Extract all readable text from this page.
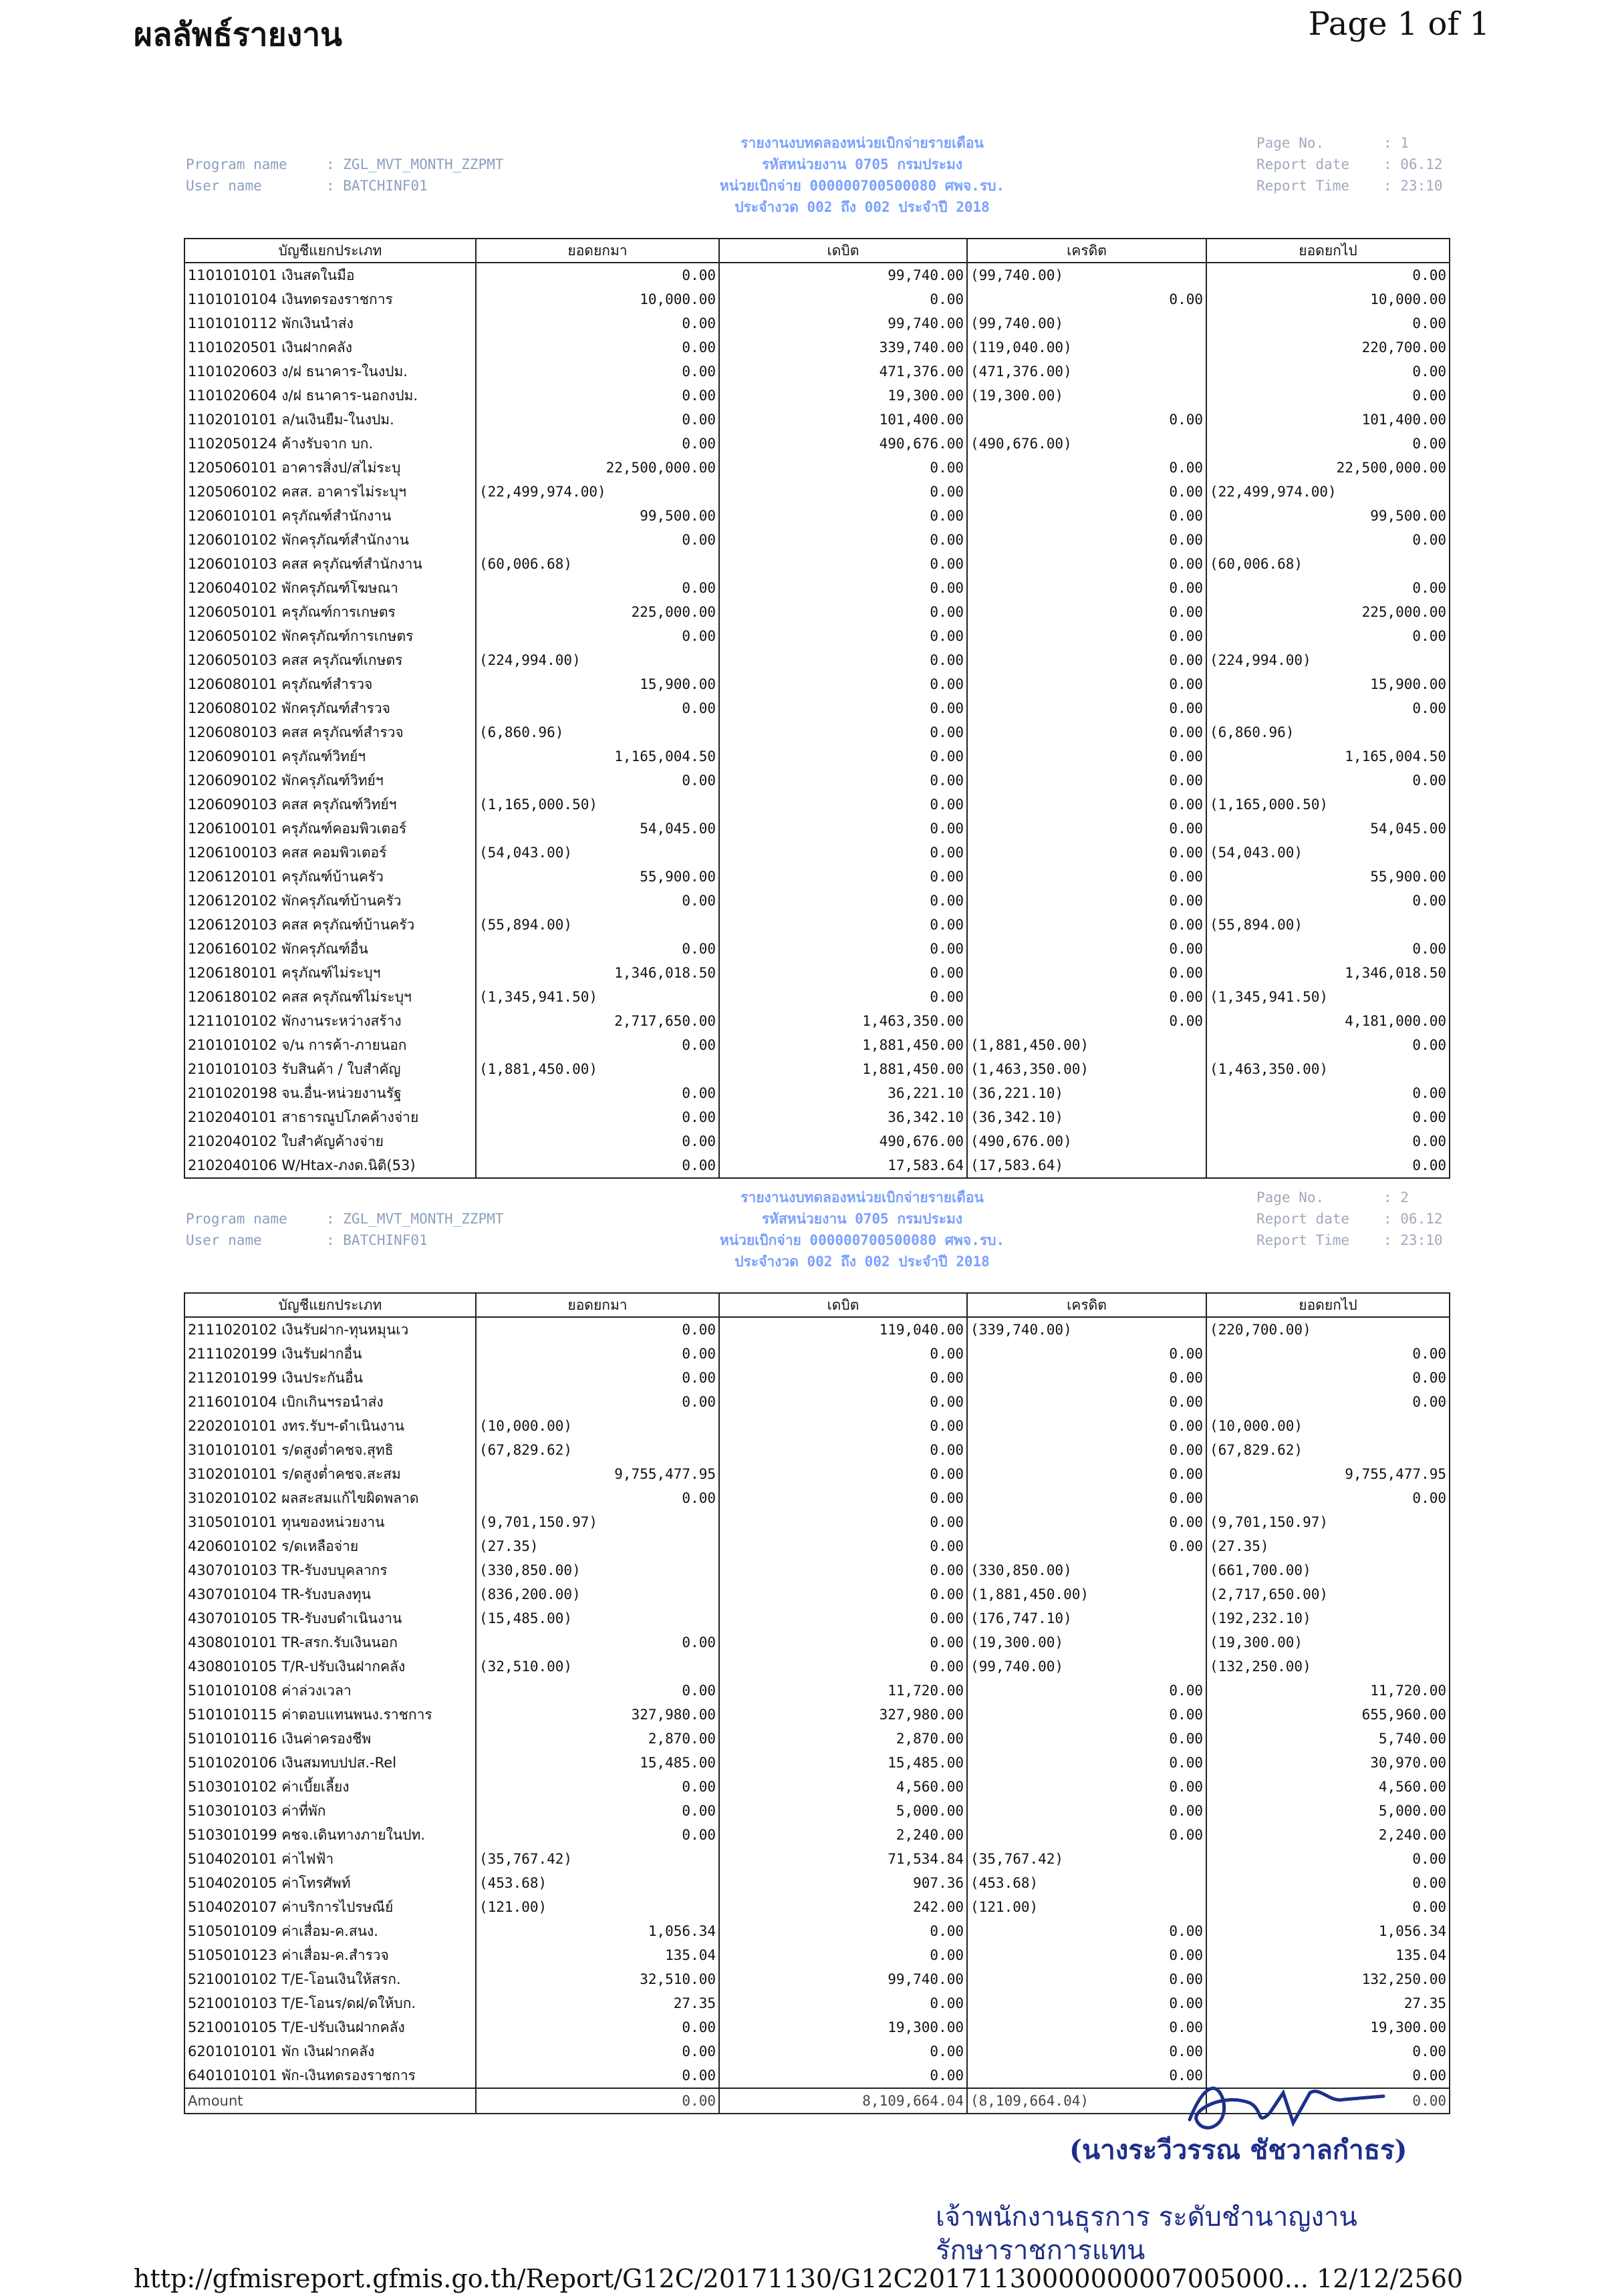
ผลลัพธ์รายงาน	Page 1 of 1
Program name	: ZGL_MVT_MONTH_ZZPMT
User name	: BATCHINF01
รายงานงบทดลองหน่วยเบิกจ่ายรายเดือน
รหัสหน่วยงาน 0705 กรมประมง
หน่วยเบิกจ่าย 000000700500080 ศพจ.รบ.
ประจำงวด 002 ถึง 002 ประจำปี 2018
Page No.	: 1
Report date : 06.12
Report Time : 23:10
บัญชีแยกประเภท	ยอดยกมา	เดบิต	เครดิต	ยอดยกไป
1101010101 เงินสดในมือ	0.00	99,740.00	(99,740.00)	0.00
1101010104 เงินทดรองราชการ	10,000.00	0.00	0.00	10,000.00
1101010112 พักเงินนำส่ง	0.00	99,740.00	(99,740.00)	0.00
1101020501 เงินฝากคลัง	0.00	339,740.00	(119,040.00)	220,700.00
1101020603 ง/ฝ ธนาคาร-ในงปม.	0.00	471,376.00	(471,376.00)	0.00
1101020604 ง/ฝ ธนาคาร-นอกงปม.	0.00	19,300.00	(19,300.00)	0.00
1102010101 ล/นเงินยืม-ในงปม.	0.00	101,400.00	0.00	101,400.00
1102050124 ค้างรับจาก บก.	0.00	490,676.00	(490,676.00)	0.00
1205060101 อาคารสิ่งป/สไม่ระบุ	22,500,000.00	0.00	0.00	22,500,000.00
1205060102 คสส. อาคารไม่ระบุฯ	(22,499,974.00)	0.00	0.00	(22,499,974.00)
1206010101 ครุภัณฑ์สำนักงาน	99,500.00	0.00	0.00	99,500.00
1206010102 พักครุภัณฑ์สำนักงาน	0.00	0.00	0.00	0.00
1206010103 คสส ครุภัณฑ์สำนักงาน	(60,006.68)	0.00	0.00	(60,006.68)
1206040102 พักครุภัณฑ์โฆษณา	0.00	0.00	0.00	0.00
1206050101 ครุภัณฑ์การเกษตร	225,000.00	0.00	0.00	225,000.00
1206050102 พักครุภัณฑ์การเกษตร	0.00	0.00	0.00	0.00
1206050103 คสส ครุภัณฑ์เกษตร	(224,994.00)	0.00	0.00	(224,994.00)
1206080101 ครุภัณฑ์สำรวจ	15,900.00	0.00	0.00	15,900.00
1206080102 พักครุภัณฑ์สำรวจ	0.00	0.00	0.00	0.00
1206080103 คสส ครุภัณฑ์สำรวจ	(6,860.96)	0.00	0.00	(6,860.96)
1206090101 ครุภัณฑ์วิทย์ฯ	1,165,004.50	0.00	0.00	1,165,004.50
1206090102 พักครุภัณฑ์วิทย์ฯ	0.00	0.00	0.00	0.00
1206090103 คสส ครุภัณฑ์วิทย์ฯ	(1,165,000.50)	0.00	0.00	(1,165,000.50)
1206100101 ครุภัณฑ์คอมพิวเตอร์	54,045.00	0.00	0.00	54,045.00
1206100103 คสส คอมพิวเตอร์	(54,043.00)	0.00	0.00	(54,043.00)
1206120101 ครุภัณฑ์บ้านครัว	55,900.00	0.00	0.00	55,900.00
1206120102 พักครุภัณฑ์บ้านครัว	0.00	0.00	0.00	0.00
1206120103 คสส ครุภัณฑ์บ้านครัว	(55,894.00)	0.00	0.00	(55,894.00)
1206160102 พักครุภัณฑ์อื่น	0.00	0.00	0.00	0.00
1206180101 ครุภัณฑ์ไม่ระบุฯ	1,346,018.50	0.00	0.00	1,346,018.50
1206180102 คสส ครุภัณฑ์ไม่ระบุฯ	(1,345,941.50)	0.00	0.00	(1,345,941.50)
1211010102 พักงานระหว่างสร้าง	2,717,650.00	1,463,350.00	0.00	4,181,000.00
2101010102 จ/น การค้า-ภายนอก	0.00	1,881,450.00	(1,881,450.00)	0.00
2101010103 รับสินค้า / ใบสำคัญ	(1,881,450.00)	1,881,450.00	(1,463,350.00)	(1,463,350.00)
2101020198 จน.อื่น-หน่วยงานรัฐ	0.00	36,221.10	(36,221.10)	0.00
2102040101 สาธารณูปโภคค้างจ่าย	0.00	36,342.10	(36,342.10)	0.00
2102040102 ใบสำคัญค้างจ่าย	0.00	490,676.00	(490,676.00)	0.00
2102040106 W/Htax-ภงด.นิติ(53)	0.00	17,583.64	(17,583.64)	0.00
Program name	: ZGL_MVT_MONTH_ZZPMT
User name	: BATCHINF01
รายงานงบทดลองหน่วยเบิกจ่ายรายเดือน
รหัสหน่วยงาน 0705 กรมประมง
หน่วยเบิกจ่าย 000000700500080 ศพจ.รบ.
ประจำงวด 002 ถึง 002 ประจำปี 2018
Page No.	: 2
Report date : 06.12
Report Time : 23:10
บัญชีแยกประเภท	ยอดยกมา	เดบิต	เครดิต	ยอดยกไป
2111020102 เงินรับฝาก-ทุนหมุนเว	0.00	119,040.00	(339,740.00)	(220,700.00)
2111020199 เงินรับฝากอื่น	0.00	0.00	0.00	0.00
2112010199 เงินประกันอื่น	0.00	0.00	0.00	0.00
2116010104 เบิกเกินฯรอนำส่ง	0.00	0.00	0.00	0.00
2202010101 งทร.รับฯ-ดำเนินงาน	(10,000.00)	0.00	0.00	(10,000.00)
3101010101 ร/ดสูงต่ำคชจ.สุทธิ	(67,829.62)	0.00	0.00	(67,829.62)
3102010101 ร/ดสูงต่ำคชจ.สะสม	9,755,477.95	0.00	0.00	9,755,477.95
3102010102 ผลสะสมแก้ไขผิดพลาด	0.00	0.00	0.00	0.00
3105010101 ทุนของหน่วยงาน	(9,701,150.97)	0.00	0.00	(9,701,150.97)
4206010102 ร/ดเหลือจ่าย	(27.35)	0.00	0.00	(27.35)
4307010103 TR-รับงบบุคลากร	(330,850.00)	0.00	(330,850.00)	(661,700.00)
4307010104 TR-รับงบลงทุน	(836,200.00)	0.00	(1,881,450.00)	(2,717,650.00)
4307010105 TR-รับงบดำเนินงาน	(15,485.00)	0.00	(176,747.10)	(192,232.10)
4308010101 TR-สรก.รับเงินนอก	0.00	0.00	(19,300.00)	(19,300.00)
4308010105 T/R-ปรับเงินฝากคลัง	(32,510.00)	0.00	(99,740.00)	(132,250.00)
5101010108 ค่าล่วงเวลา	0.00	11,720.00	0.00	11,720.00
5101010115 ค่าตอบแทนพนง.ราชการ	327,980.00	327,980.00	0.00	655,960.00
5101010116 เงินค่าครองชีพ	2,870.00	2,870.00	0.00	5,740.00
5101020106 เงินสมทบปปส.-Rel	15,485.00	15,485.00	0.00	30,970.00
5103010102 ค่าเบี้ยเลี้ยง	0.00	4,560.00	0.00	4,560.00
5103010103 ค่าที่พัก	0.00	5,000.00	0.00	5,000.00
5103010199 คชจ.เดินทางภายในปท.	0.00	2,240.00	0.00	2,240.00
5104020101 ค่าไฟฟ้า	(35,767.42)	71,534.84	(35,767.42)	0.00
5104020105 ค่าโทรศัพท์	(453.68)	907.36	(453.68)	0.00
5104020107 ค่าบริการไปรษณีย์	(121.00)	242.00	(121.00)	0.00
5105010109 ค่าเสื่อม-ค.สนง.	1,056.34	0.00	0.00	1,056.34
5105010123 ค่าเสื่อม-ค.สำรวจ	135.04	0.00	0.00	135.04
5210010102 T/E-โอนเงินให้สรก.	32,510.00	99,740.00	0.00	132,250.00
5210010103 T/E-โอนร/ดฝ/ดให้บก.	27.35	0.00	0.00	27.35
5210010105 T/E-ปรับเงินฝากคลัง	0.00	19,300.00	0.00	19,300.00
6201010101 พัก เงินฝากคลัง	0.00	0.00	0.00	0.00
6401010101 พัก-เงินทดรองราชการ	0.00	0.00	0.00	0.00
Amount	0.00	8,109,664.04	(8,109,664.04)	0.00
(นางระวีวรรณ ชัชวาลกำธร)
เจ้าพนักงานธุรการ ระดับชำนาญงาน
รักษาราชการแทน
http://gfmisreport.gfmis.go.th/Report/G12C/20171130/G12C20171130000000007005000... 12/12/2560
